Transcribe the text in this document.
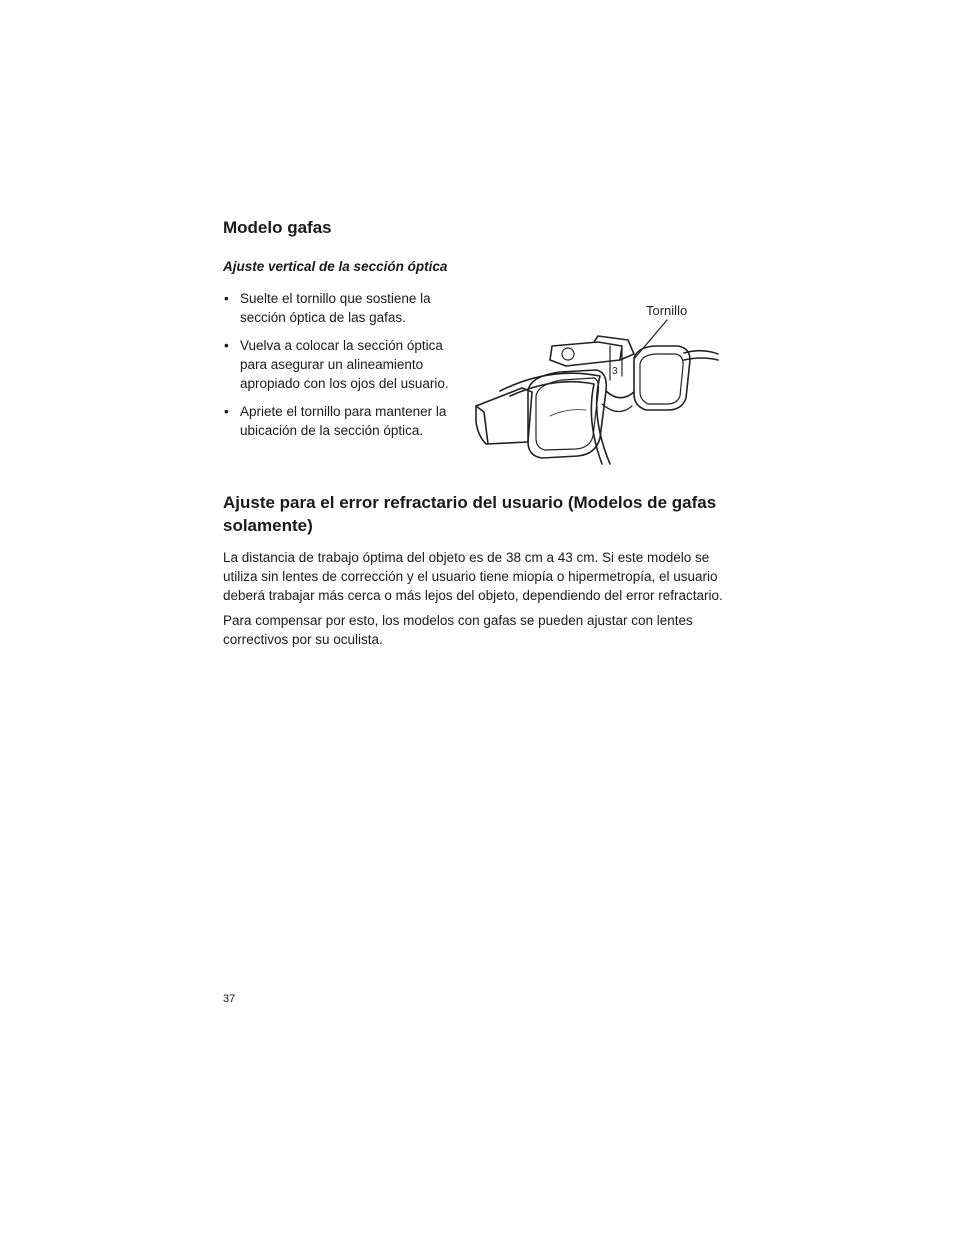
Modelo gafas
Ajuste vertical de la sección óptica
• Suelte el tornillo que sostiene la sección óptica de las gafas.
• Vuelva a colocar la sección óptica para asegurar un alineamiento apropiado con los ojos del usuario.
• Apriete el tornillo para mantener la ubicación de la sección óptica.
Tornillo
3
Ajuste para el error refractario del usuario (Modelos de gafas solamente)

La distancia de trabajo óptima del objeto es de 38 cm a 43 cm. Si este modelo se utiliza sin lentes de corrección y el usuario tiene miopía o hipermetropía, el usuario deberá trabajar más cerca o más lejos del objeto, dependiendo del error refractario.

Para compensar por esto, los modelos con gafas se pueden ajustar con lentes correctivos por su oculista.

37
